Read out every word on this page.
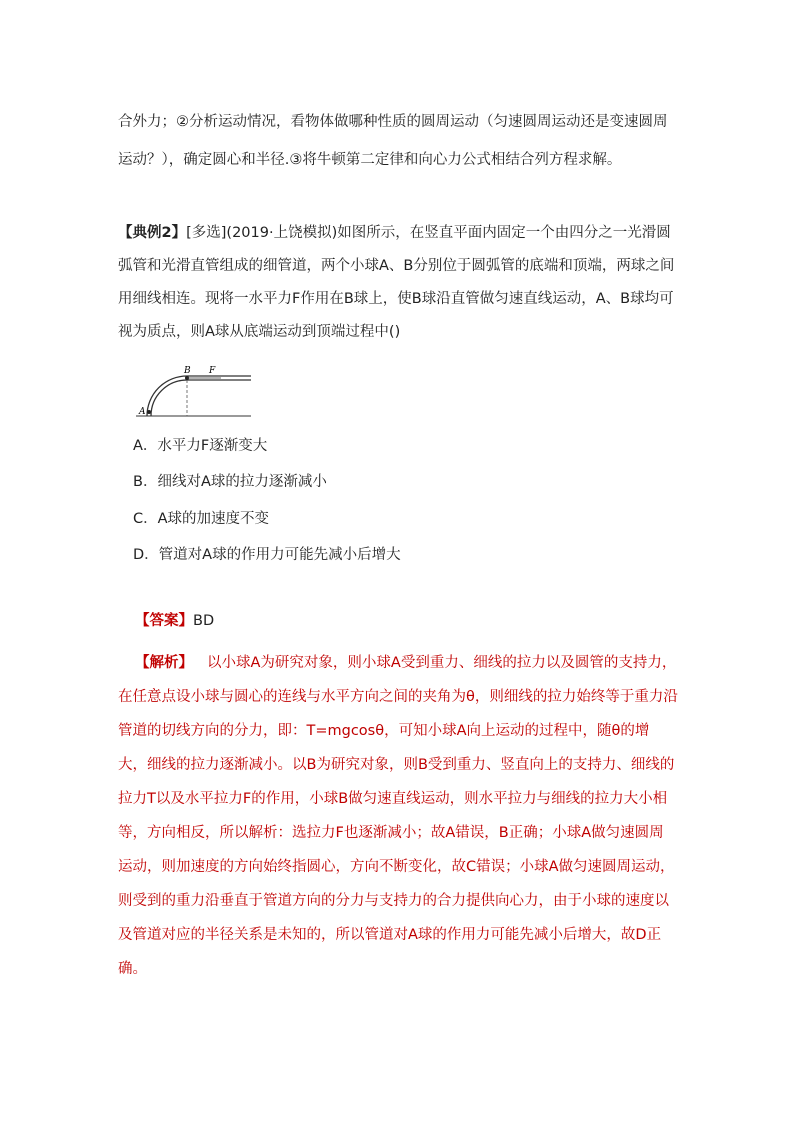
合外力；②分析运动情况，看物体做哪种性质的圆周运动（匀速圆周运动还是变速圆周运动？），确定圆心和半径.③将牛顿第二定律和向心力公式相结合列方程求解。
【典例2】[多选](2019·上饶模拟)如图所示，在竖直平面内固定一个由四分之一光滑圆弧管和光滑直管组成的细管道，两个小球A、B分别位于圆弧管的底端和顶端，两球之间用细线相连。现将一水平力F作用在B球上，使B球沿直管做匀速直线运动，A、B球均可视为质点，则A球从底端运动到顶端过程中()
A
B F
A．水平力F逐渐变大
B．细线对A球的拉力逐渐减小
C．A球的加速度不变
D．管道对A球的作用力可能先减小后增大
【答案】BD
【解析】 以小球A为研究对象，则小球A受到重力、细线的拉力以及圆管的支持力，在任意点设小球与圆心的连线与水平方向之间的夹角为θ，则细线的拉力始终等于重力沿管道的切线方向的分力，即：T=mgcosθ，可知小球A向上运动的过程中，随θ的增大，细线的拉力逐渐减小。以B为研究对象，则B受到重力、竖直向上的支持力、细线的拉力T以及水平拉力F的作用，小球B做匀速直线运动，则水平拉力与细线的拉力大小相等，方向相反，所以解析：选拉力F也逐渐减小；故A错误，B正确；小球A做匀速圆周运动，则加速度的方向始终指圆心，方向不断变化，故C错误；小球A做匀速圆周运动，则受到的重力沿垂直于管道方向的分力与支持力的合力提供向心力，由于小球的速度以及管道对应的半径关系是未知的，所以管道对A球的作用力可能先减小后增大，故D正确。
